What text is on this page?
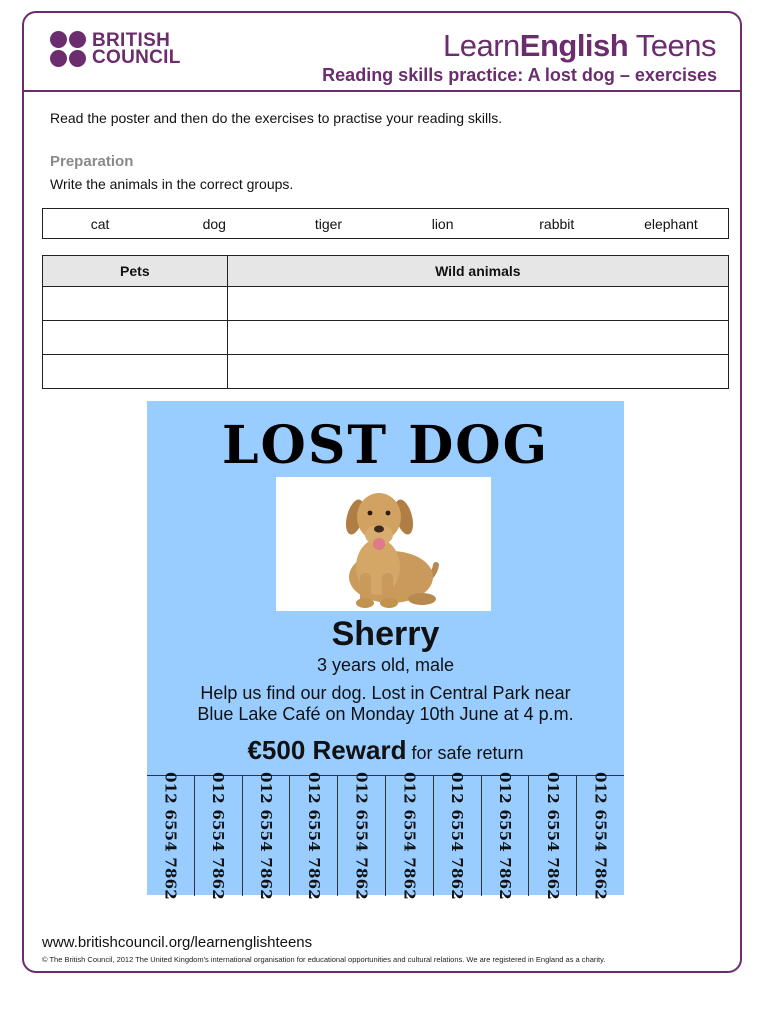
BRITISH
COUNCIL	LearnEnglish Teens
Reading skills practice: A lost dog – exercises
Read the poster and then do the exercises to practise your reading skills.
Preparation
Write the animals in the correct groups.
cat	dog	tiger	lion	rabbit	elephant
Pets	Wild animals

LOST DOG
Sherry
3 years old, male
Help us find our dog. Lost in Central Park near
Blue Lake Café on Monday 10th June at 4 p.m.
€500 Reward for safe return
012 6554 7862 012 6554 7862 012 6554 7862 012 6554 7862 012 6554 7862 012 6554 7862 012 6554 7862 012 6554 7862 012 6554 7862 012 6554 7862
www.britishcouncil.org/learnenglishteens
© The British Council, 2012 The United Kingdom's international organisation for educational opportunities and cultural relations. We are registered in England as a charity.
